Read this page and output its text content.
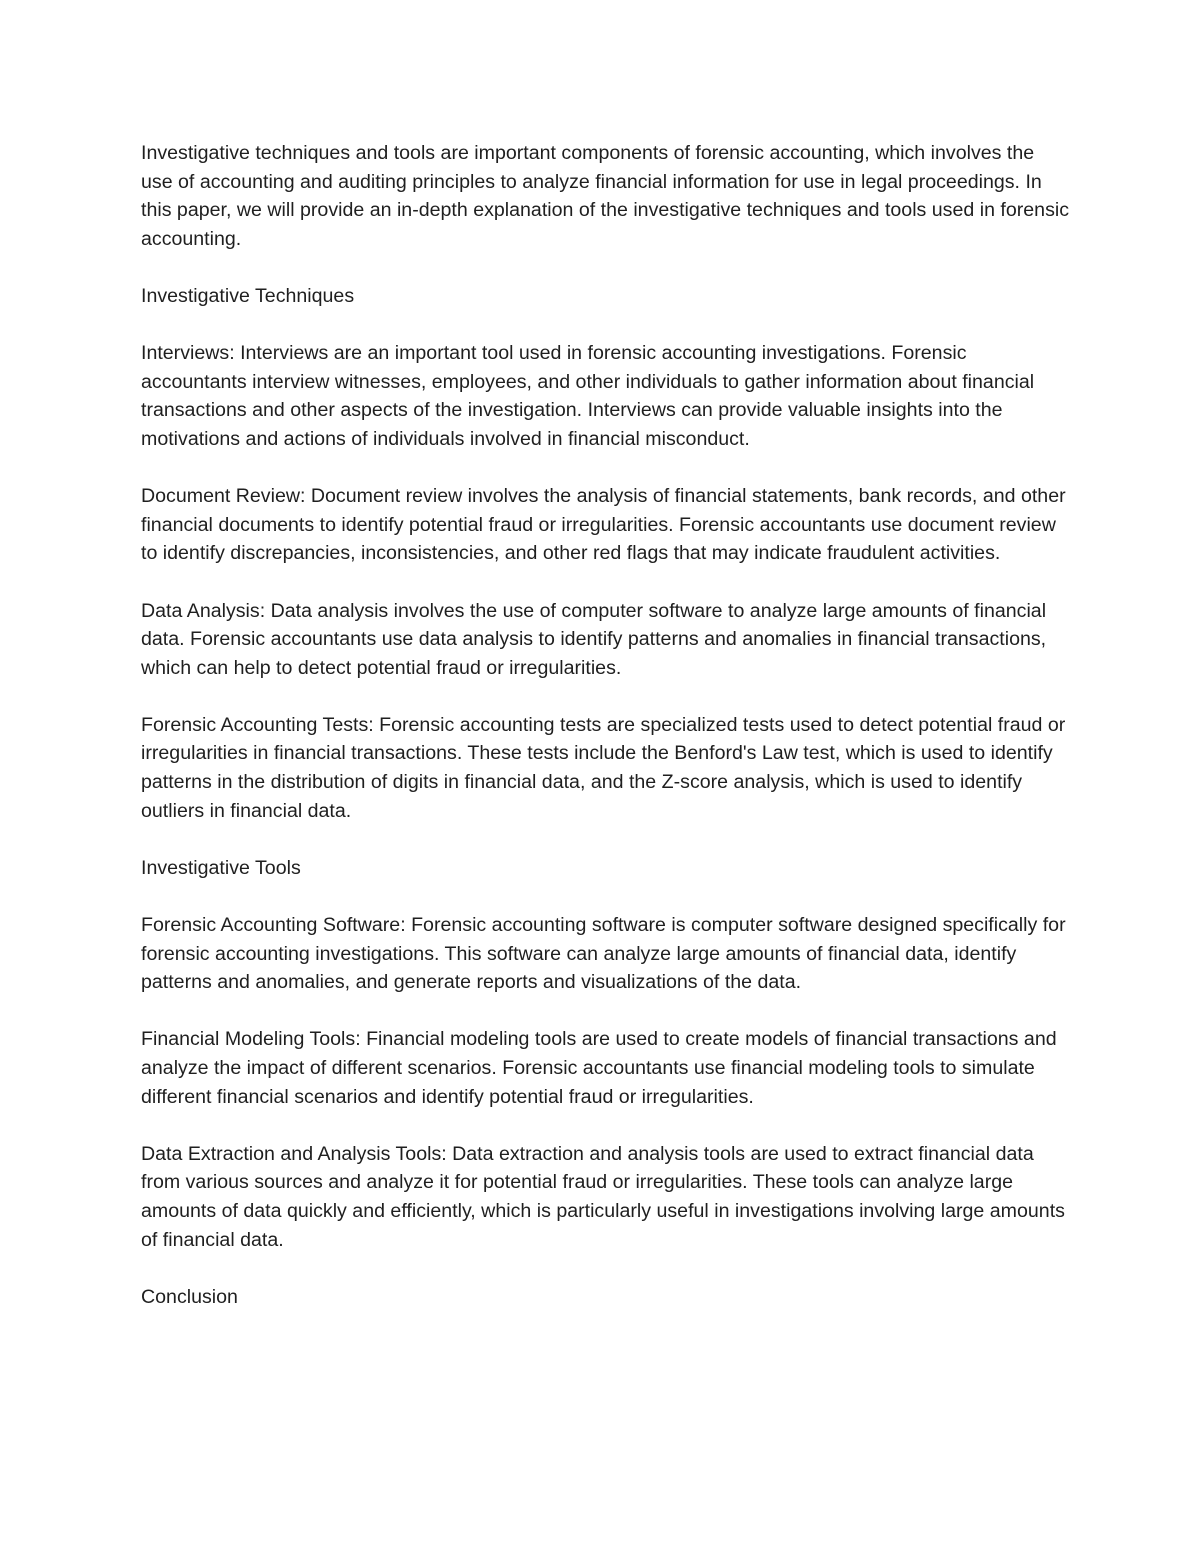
Investigative techniques and tools are important components of forensic accounting, which involves the use of accounting and auditing principles to analyze financial information for use in legal proceedings. In this paper, we will provide an in-depth explanation of the investigative techniques and tools used in forensic accounting.

Investigative Techniques

Interviews: Interviews are an important tool used in forensic accounting investigations. Forensic accountants interview witnesses, employees, and other individuals to gather information about financial transactions and other aspects of the investigation. Interviews can provide valuable insights into the motivations and actions of individuals involved in financial misconduct.

Document Review: Document review involves the analysis of financial statements, bank records, and other financial documents to identify potential fraud or irregularities. Forensic accountants use document review to identify discrepancies, inconsistencies, and other red flags that may indicate fraudulent activities.

Data Analysis: Data analysis involves the use of computer software to analyze large amounts of financial data. Forensic accountants use data analysis to identify patterns and anomalies in financial transactions, which can help to detect potential fraud or irregularities.

Forensic Accounting Tests: Forensic accounting tests are specialized tests used to detect potential fraud or irregularities in financial transactions. These tests include the Benford's Law test, which is used to identify patterns in the distribution of digits in financial data, and the Z-score analysis, which is used to identify outliers in financial data.

Investigative Tools

Forensic Accounting Software: Forensic accounting software is computer software designed specifically for forensic accounting investigations. This software can analyze large amounts of financial data, identify patterns and anomalies, and generate reports and visualizations of the data.

Financial Modeling Tools: Financial modeling tools are used to create models of financial transactions and analyze the impact of different scenarios. Forensic accountants use financial modeling tools to simulate different financial scenarios and identify potential fraud or irregularities.

Data Extraction and Analysis Tools: Data extraction and analysis tools are used to extract financial data from various sources and analyze it for potential fraud or irregularities. These tools can analyze large amounts of data quickly and efficiently, which is particularly useful in investigations involving large amounts of financial data.

Conclusion
